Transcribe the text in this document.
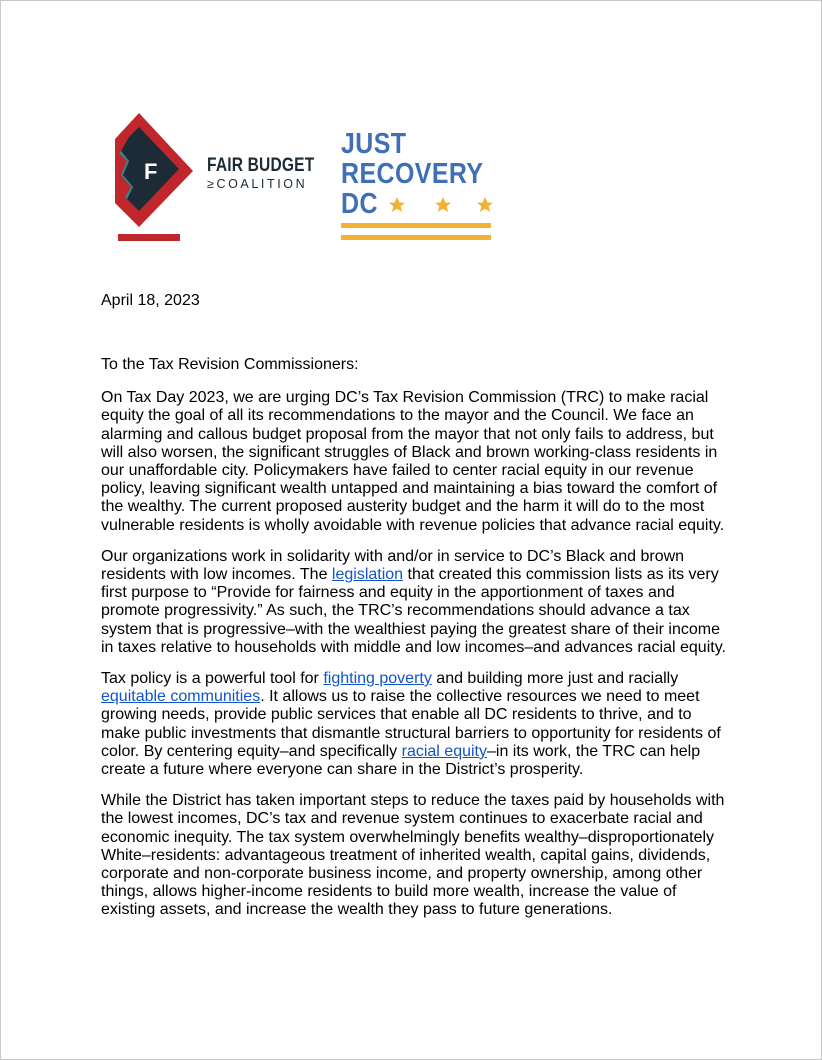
F	FAIR BUDGET
≥COALITION
JUST
RECOVERY
DC
April 18, 2023

To the Tax Revision Commissioners:

On Tax Day 2023, we are urging DC’s Tax Revision Commission (TRC) to make racial equity the goal of all its recommendations to the mayor and the Council. We face an alarming and callous budget proposal from the mayor that not only fails to address, but will also worsen, the significant struggles of Black and brown working-class residents in our unaffordable city. Policymakers have failed to center racial equity in our revenue policy, leaving significant wealth untapped and maintaining a bias toward the comfort of the wealthy. The current proposed austerity budget and the harm it will do to the most vulnerable residents is wholly avoidable with revenue policies that advance racial equity.

Our organizations work in solidarity with and/or in service to DC’s Black and brown residents with low incomes. The legislation that created this commission lists as its very first purpose to “Provide for fairness and equity in the apportionment of taxes and promote progressivity.” As such, the TRC’s recommendations should advance a tax system that is progressive–with the wealthiest paying the greatest share of their income in taxes relative to households with middle and low incomes–and advances racial equity.

Tax policy is a powerful tool for fighting poverty and building more just and racially equitable communities. It allows us to raise the collective resources we need to meet growing needs, provide public services that enable all DC residents to thrive, and to make public investments that dismantle structural barriers to opportunity for residents of color. By centering equity–and specifically racial equity–in its work, the TRC can help create a future where everyone can share in the District’s prosperity.

While the District has taken important steps to reduce the taxes paid by households with the lowest incomes, DC’s tax and revenue system continues to exacerbate racial and economic inequity. The tax system overwhelmingly benefits wealthy–disproportionately White–residents: advantageous treatment of inherited wealth, capital gains, dividends, corporate and non-corporate business income, and property ownership, among other things, allows higher-income residents to build more wealth, increase the value of existing assets, and increase the wealth they pass to future generations.
